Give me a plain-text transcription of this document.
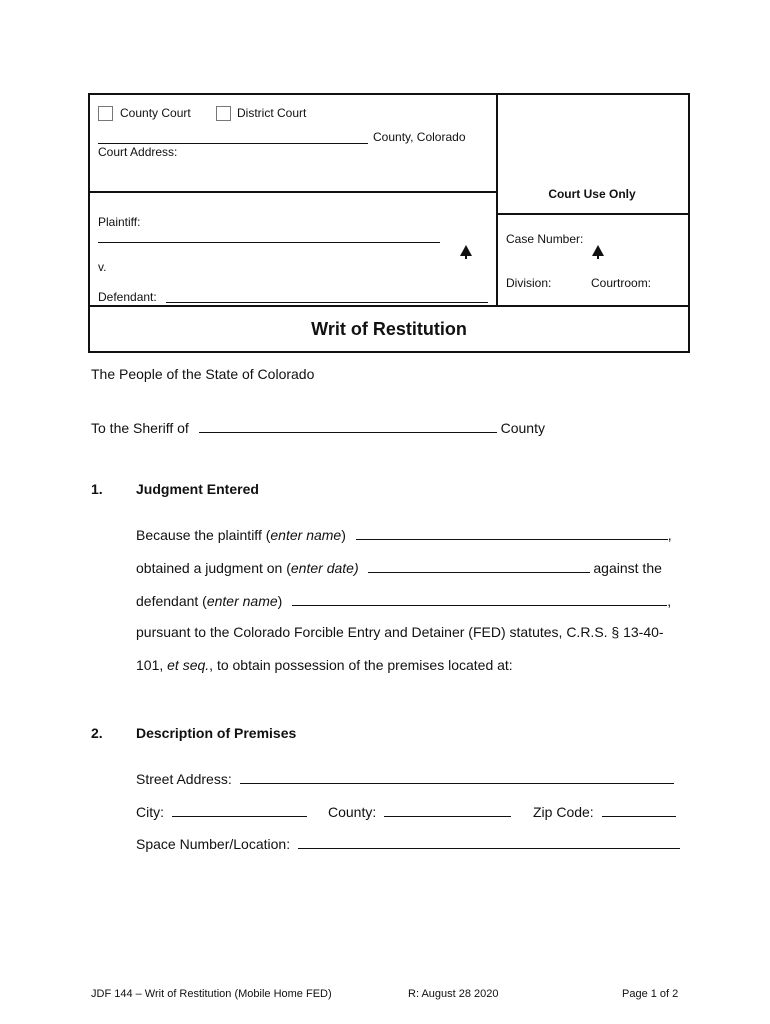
County Court	District Court
County, Colorado
Court Address:
Plaintiff:
v.
Defendant:
Court Use Only
Case Number:
Division:	Courtroom:
Writ of Restitution
The People of the State of Colorado
To the Sheriff of	County
1. Judgment Entered
Because the plaintiff (enter name)	,
obtained a judgment on (enter date)	against the
defendant (enter name)	,
pursuant to the Colorado Forcible Entry and Detainer (FED) statutes, C.R.S. § 13-40-
101, et seq., to obtain possession of the premises located at:
2. Description of Premises
Street Address:
City:	County:	Zip Code:
Space Number/Location:
JDF 144 – Writ of Restitution (Mobile Home FED)	R: August 28 2020	Page 1 of 2
